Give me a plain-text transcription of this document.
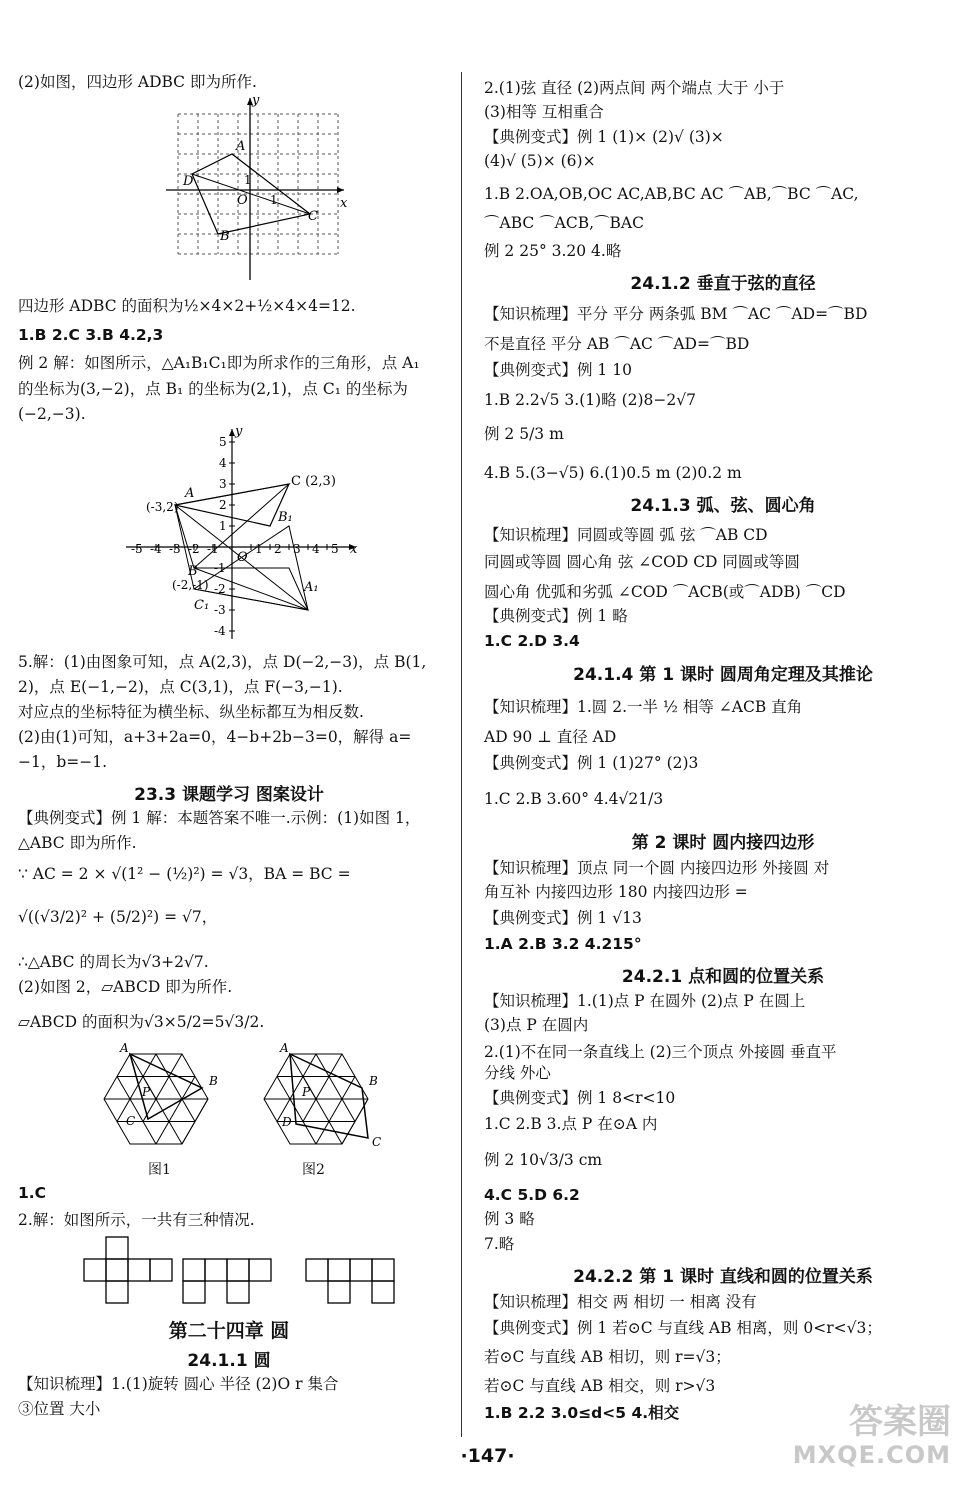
(2)如图，四边形 ADBC 即为所作.
y
x
O 1
1
A
B
C
D
四边形 ADBC 的面积为½×4×2+½×4×4=12.
1.B 2.C 3.B 4.2,3
例 2 解：如图所示，△A₁B₁C₁即为所求作的三角形，点 A₁
的坐标为(3,−2)，点 B₁ 的坐标为(2,1)，点 C₁ 的坐标为
(−2,−3).
y
x
O
-5 -4 -3 -2 -1	1 2 3 4 5
5
4
3
2
1
-1
-2
-3
-4
C (2,3)
A
(-3,2)
B₁
B
(-2,-1)
C₁
A₁
5.解：(1)由图象可知，点 A(2,3)，点 D(−2,−3)，点 B(1,
2)，点 E(−1,−2)，点 C(3,1)，点 F(−3,−1).
对应点的坐标特征为横坐标、纵坐标都互为相反数.
(2)由(1)可知，a+3+2a=0，4−b+2b−3=0，解得 a=
−1，b=−1.
23.3 课题学习 图案设计
【典例变式】例 1 解：本题答案不唯一.示例：(1)如图 1，
△ABC 即为所作.
∵ AC = 2 × √(1² − (½)²) = √3，BA = BC =
√((√3/2)² + (5/2)²) = √7，
∴△ABC 的周长为√3+2√7.
(2)如图 2，▱ABCD 即为所作.
▱ABCD 的面积为√3×5/2=5√3/2.
A
B
P
C
A
B
P
D
C
图1	图2
1.C
2.解：如图所示，一共有三种情况.
第二十四章 圆
24.1.1 圆
【知识梳理】1.(1)旋转 圆心 半径 (2)O r 集合
③位置 大小
2.(1)弦 直径 (2)两点间 两个端点 大于 小于
(3)相等 互相重合
【典例变式】例 1 (1)× (2)√ (3)×
(4)√ (5)× (6)×
1.B 2.OA,OB,OC AC,AB,BC AC ⌒AB,⌒BC ⌒AC,
⌒ABC ⌒ACB,⌒BAC
例 2 25° 3.20 4.略
24.1.2 垂直于弦的直径
【知识梳理】平分 平分 两条弧 BM ⌒AC ⌒AD=⌒BD
不是直径 平分 AB ⌒AC ⌒AD=⌒BD
【典例变式】例 1 10
1.B 2.2√5 3.(1)略 (2)8−2√7
例 2 5/3 m
4.B 5.(3−√5) 6.(1)0.5 m (2)0.2 m
24.1.3 弧、弦、圆心角
【知识梳理】同圆或等圆 弧 弦 ⌒AB CD
同圆或等圆 圆心角 弦 ∠COD CD 同圆或等圆
圆心角 优弧和劣弧 ∠COD ⌒ACB(或⌒ADB) ⌒CD
【典例变式】例 1 略
1.C 2.D 3.4
24.1.4 第 1 课时 圆周角定理及其推论
【知识梳理】1.圆 2.一半 ½ 相等 ∠ACB 直角
AD 90 ⊥ 直径 AD
【典例变式】例 1 (1)27° (2)3
1.C 2.B 3.60° 4.4√21/3
第 2 课时 圆内接四边形
【知识梳理】顶点 同一个圆 内接四边形 外接圆 对
角互补 内接四边形 180 内接四边形 =
【典例变式】例 1 √13
1.A 2.B 3.2 4.215°
24.2.1 点和圆的位置关系
【知识梳理】1.(1)点 P 在圆外 (2)点 P 在圆上
(3)点 P 在圆内
2.(1)不在同一条直线上 (2)三个顶点 外接圆 垂直平
分线 外心
【典例变式】例 1 8<r<10
1.C 2.B 3.点 P 在⊙A 内
例 2 10√3/3 cm
4.C 5.D 6.2
例 3 略
7.略
24.2.2 第 1 课时 直线和圆的位置关系
【知识梳理】相交 两 相切 一 相离 没有
【典例变式】例 1 若⊙C 与直线 AB 相离，则 0<r<√3；
若⊙C 与直线 AB 相切，则 r=√3；
若⊙C 与直线 AB 相交，则 r>√3
1.B 2.2 3.0≤d<5 4.相交
·147·
答案圈
MXQE.COM
